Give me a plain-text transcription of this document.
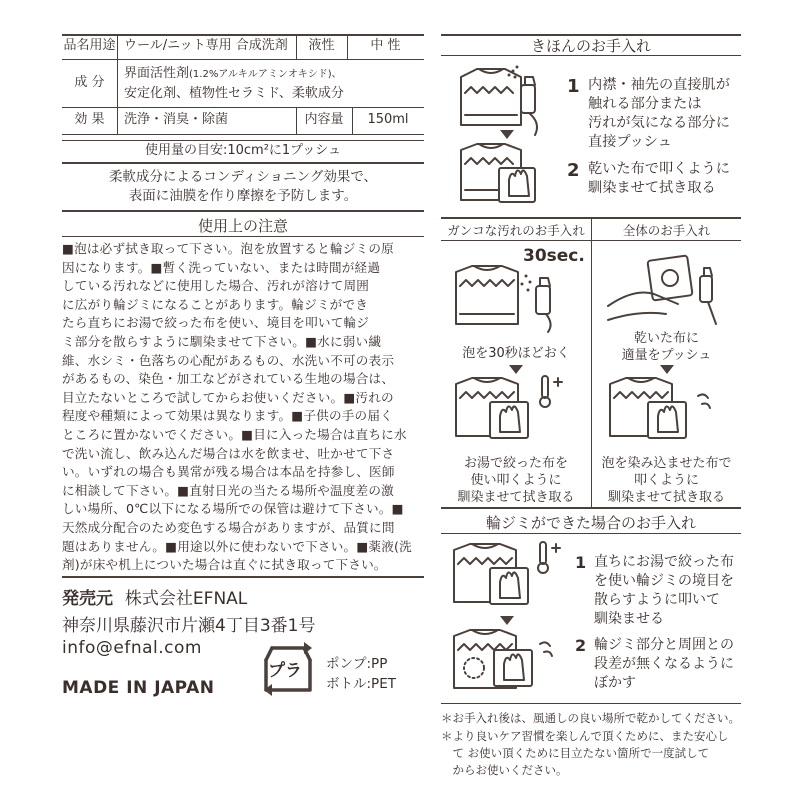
品名用途 ウール/ニット専用 合成洗剤	液性	中 性
成 分
界面活性剤(1.2%アルキルアミンオキシド)、
安定化剤、植物性セラミド、柔軟成分
効 果	洗浄・消臭・除菌	内容量	150ml
使用量の目安:10cm²に1プッシュ
柔軟成分によるコンディショニング効果で、
表面に油膜を作り摩擦を予防します。
使用上の注意
■泡は必ず拭き取って下さい。泡を放置すると輪ジミの原
因になります。■暫く洗っていない、または時間が経過
している汚れなどに使用した場合、汚れが溶けて周囲
に広がり輪ジミになることがあります。輪ジミができ
たら直ちにお湯で絞った布を使い、境目を叩いて輪ジ
ミ部分を散らすように馴染ませて下さい。■水に弱い繊
維、水シミ・色落ちの心配があるもの、水洗い不可の表示
があるもの、染色・加工などがされている生地の場合は、
目立たないところで試してからお使いください。■汚れの
程度や種類によって効果は異なります。■子供の手の届く
ところに置かないでください。■目に入った場合は直ちに水
で洗い流し、飲み込んだ場合は水を飲ませ、吐かせて下さ
い。いずれの場合も異常が残る場合は本品を持参し、医師
に相談して下さい。■直射日光の当たる場所や温度差の激
しい場所、0℃以下になる場所での保管は避けて下さい。■
天然成分配合のため変色する場合がありますが、品質に問
題はありません。■用途以外に使わないで下さい。■薬液(洗
剤)が床や机上についた場合は直ぐに拭き取って下さい。
発売元 株式会社EFNAL
神奈川県藤沢市片瀬4丁目3番1号
info@efnal.com
MADE IN JAPAN
プラ ポンプ:PP
ボトル:PET
きほんのお手入れ
1 内襟・袖先の直接肌が
触れる部分または
汚れが気になる部分に
直接プッシュ
2 乾いた布で叩くように
馴染ませて拭き取る
ガンコな汚れのお手入れ	全体のお手入れ
30sec.
泡を30秒ほどおく
お湯で絞った布を
使い叩くように
馴染ませて拭き取る
乾いた布に
適量をプッシュ
泡を染み込ませた布で
叩くように
馴染ませて拭き取る
輪ジミができた場合のお手入れ
1 直ちにお湯で絞った布
を使い輪ジミの境目を
散らすように叩いて
馴染ませる
2 輪ジミ部分と周囲との
段差が無くなるように
ぼかす
＊お手入れ後は、風通しの良い場所で乾かしてください。
＊より良いケア習慣を楽しんで頂くために、また安心し
　て お使い頂くために目立たない箇所で一度試して
　からお使いください。
